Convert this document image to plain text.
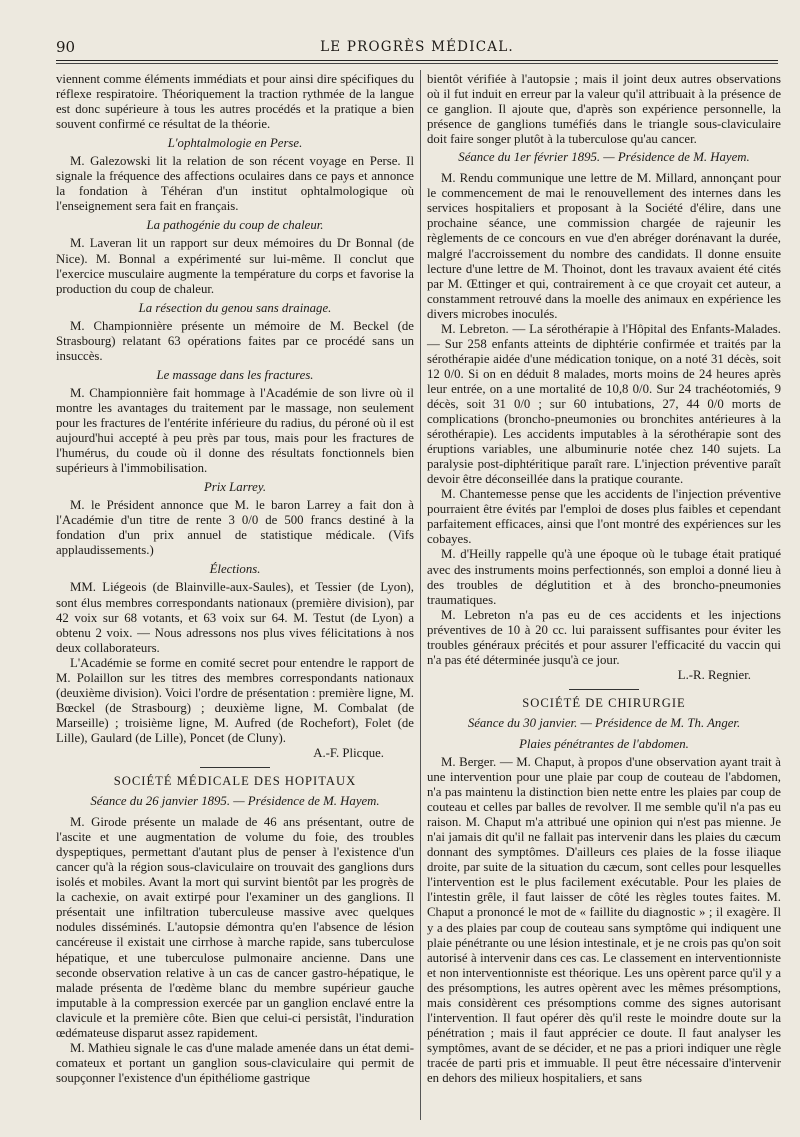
90	LE PROGRÈS MÉDICAL.

viennent comme éléments immédiats et pour ainsi dire spécifiques du réflexe respiratoire. Théoriquement la traction rythmée de la langue est donc supérieure à tous les autres procédés et la pratique a bien souvent confirmé ce résultat de la théorie.

L'ophtalmologie en Perse.

M. Galezowski lit la relation de son récent voyage en Perse. Il signale la fréquence des affections oculaires dans ce pays et annonce la fondation à Téhéran d'un institut ophtalmologique où l'enseignement sera fait en français.

La pathogénie du coup de chaleur.

M. Laveran lit un rapport sur deux mémoires du Dr Bonnal (de Nice). M. Bonnal a expérimenté sur lui-même. Il conclut que l'exercice musculaire augmente la température du corps et favorise la production du coup de chaleur.

La résection du genou sans drainage.

M. Championnière présente un mémoire de M. Beckel (de Strasbourg) relatant 63 opérations faites par ce procédé sans un insuccès.

Le massage dans les fractures.

M. Championnière fait hommage à l'Académie de son livre où il montre les avantages du traitement par le massage, non seulement pour les fractures de l'entérite inférieure du radius, du péroné où il est aujourd'hui accepté à peu près par tous, mais pour les fractures de l'humérus, du coude où il donne des résultats fonctionnels bien supérieurs à l'immobilisation.

Prix Larrey.

M. le Président annonce que M. le baron Larrey a fait don à l'Académie d'un titre de rente 3 0/0 de 500 francs destiné à la fondation d'un prix annuel de statistique médicale. (Vifs applaudissements.)

Élections.

MM. Liégeois (de Blainville-aux-Saules), et Tessier (de Lyon), sont élus membres correspondants nationaux (première division), par 42 voix sur 68 votants, et 63 voix sur 64. M. Testut (de Lyon) a obtenu 2 voix. — Nous adressons nos plus vives félicitations à nos deux collaborateurs.

L'Académie se forme en comité secret pour entendre le rapport de M. Polaillon sur les titres des membres correspondants nationaux (deuxième division). Voici l'ordre de présentation : première ligne, M. Bœckel (de Strasbourg) ; deuxième ligne, M. Combalat (de Marseille) ; troisième ligne, M. Aufred (de Rochefort), Folet (de Lille), Gaulard (de Lille), Poncet (de Cluny).

A.-F. Plicque.
SOCIÉTÉ MÉDICALE DES HOPITAUX
Séance du 26 janvier 1895. — Présidence de M. Hayem.

M. Girode présente un malade de 46 ans présentant, outre de l'ascite et une augmentation de volume du foie, des troubles dyspeptiques, permettant d'autant plus de penser à l'existence d'un cancer qu'à la région sous-claviculaire on trouvait des ganglions durs isolés et mobiles. Avant la mort qui survint bientôt par les progrès de la cachexie, on avait extirpé pour l'examiner un des ganglions. Il présentait une infiltration tuberculeuse massive avec quelques nodules disséminés. L'autopsie démontra qu'en l'absence de lésion cancéreuse il existait une cirrhose à marche rapide, sans tuberculose hépatique, et une tuberculose pulmonaire ancienne. Dans une seconde observation relative à un cas de cancer gastro-hépatique, le malade présenta de l'œdème blanc du membre supérieur gauche imputable à la compression exercée par un ganglion enclavé entre la clavicule et la première côte. Bien que celui-ci persistât, l'induration œdémateuse disparut assez rapidement.

M. Mathieu signale le cas d'une malade amenée dans un état demi-comateux et portant un ganglion sous-claviculaire qui permit de soupçonner l'existence d'un épithéliome gastrique

bientôt vérifiée à l'autopsie ; mais il joint deux autres observations où il fut induit en erreur par la valeur qu'il attribuait à la présence de ce ganglion. Il ajoute que, d'après son expérience personnelle, la présence de ganglions tuméfiés dans le triangle sous-claviculaire doit faire songer plutôt à la tuberculose qu'au cancer.

Séance du 1er février 1895. — Présidence de M. Hayem.

M. Rendu communique une lettre de M. Millard, annonçant pour le commencement de mai le renouvellement des internes dans les services hospitaliers et proposant à la Société d'élire, dans une prochaine séance, une commission chargée de rajeunir les règlements de ce concours en vue d'en abréger dorénavant la durée, malgré l'accroissement du nombre des candidats. Il donne ensuite lecture d'une lettre de M. Thoinot, dont les travaux avaient été cités par M. Œttinger et qui, contrairement à ce que croyait cet auteur, a constamment retrouvé dans la moelle des animaux en expérience les divers microbes inoculés.

M. Lebreton. — La sérothérapie à l'Hôpital des Enfants-Malades. — Sur 258 enfants atteints de diphtérie confirmée et traités par la sérothérapie aidée d'une médication tonique, on a noté 31 décès, soit 12 0/0. Si on en déduit 8 malades, morts moins de 24 heures après leur entrée, on a une mortalité de 10,8 0/0. Sur 24 trachéotomiés, 9 décès, soit 31 0/0 ; sur 60 intubations, 27, 44 0/0 morts de complications (broncho-pneumonies ou bronchites antérieures à la sérothérapie). Les accidents imputables à la sérothérapie sont des éruptions variables, une albuminurie notée chez 140 sujets. La paralysie post-diphtéritique paraît rare. L'injection préventive paraît devoir être déconseillée dans la pratique courante.

M. Chantemesse pense que les accidents de l'injection préventive pourraient être évités par l'emploi de doses plus faibles et cependant parfaitement efficaces, ainsi que l'ont montré des expériences sur les cobayes.

M. d'Heilly rappelle qu'à une époque où le tubage était pratiqué avec des instruments moins perfectionnés, son emploi a donné lieu à des troubles de déglutition et à des broncho-pneumonies traumatiques.

M. Lebreton n'a pas eu de ces accidents et les injections préventives de 10 à 20 cc. lui paraissent suffisantes pour éviter les troubles généraux précités et pour assurer l'efficacité du vaccin qui n'a pas été déterminée jusqu'à ce jour.

L.-R. Regnier.
SOCIÉTÉ DE CHIRURGIE
Séance du 30 janvier. — Présidence de M. Th. Anger.
Plaies pénétrantes de l'abdomen.

M. Berger. — M. Chaput, à propos d'une observation ayant trait à une intervention pour une plaie par coup de couteau de l'abdomen, n'a pas maintenu la distinction bien nette entre les plaies par coup de couteau et celles par balles de revolver. Il me semble qu'il n'a pas eu raison. M. Chaput m'a attribué une opinion qui n'est pas mienne. Je n'ai jamais dit qu'il ne fallait pas intervenir dans les plaies du cæcum donnant des symptômes. D'ailleurs ces plaies de la fosse iliaque droite, par suite de la situation du cæcum, sont celles pour lesquelles l'intervention est le plus facilement exécutable. Pour les plaies de l'intestin grêle, il faut laisser de côté les règles toutes faites. M. Chaput a prononcé le mot de « faillite du diagnostic » ; il exagère. Il y a des plaies par coup de couteau sans symptôme qui indiquent une plaie pénétrante ou une lésion intestinale, et je ne crois pas qu'on soit autorisé à intervenir dans ces cas. Le classement en interventionniste et non interventionniste est théorique. Les uns opèrent parce qu'il y a des présomptions, les autres opèrent avec les mêmes présomptions, mais considèrent ces présomptions comme des signes autorisant l'intervention. Il faut opérer dès qu'il reste le moindre doute sur la pénétration ; mais il faut apprécier ce doute. Il faut analyser les symptômes, avant de se décider, et ne pas a priori indiquer une règle tracée de parti pris et immuable. Il peut être nécessaire d'intervenir en dehors des milieux hospitaliers, et sans
